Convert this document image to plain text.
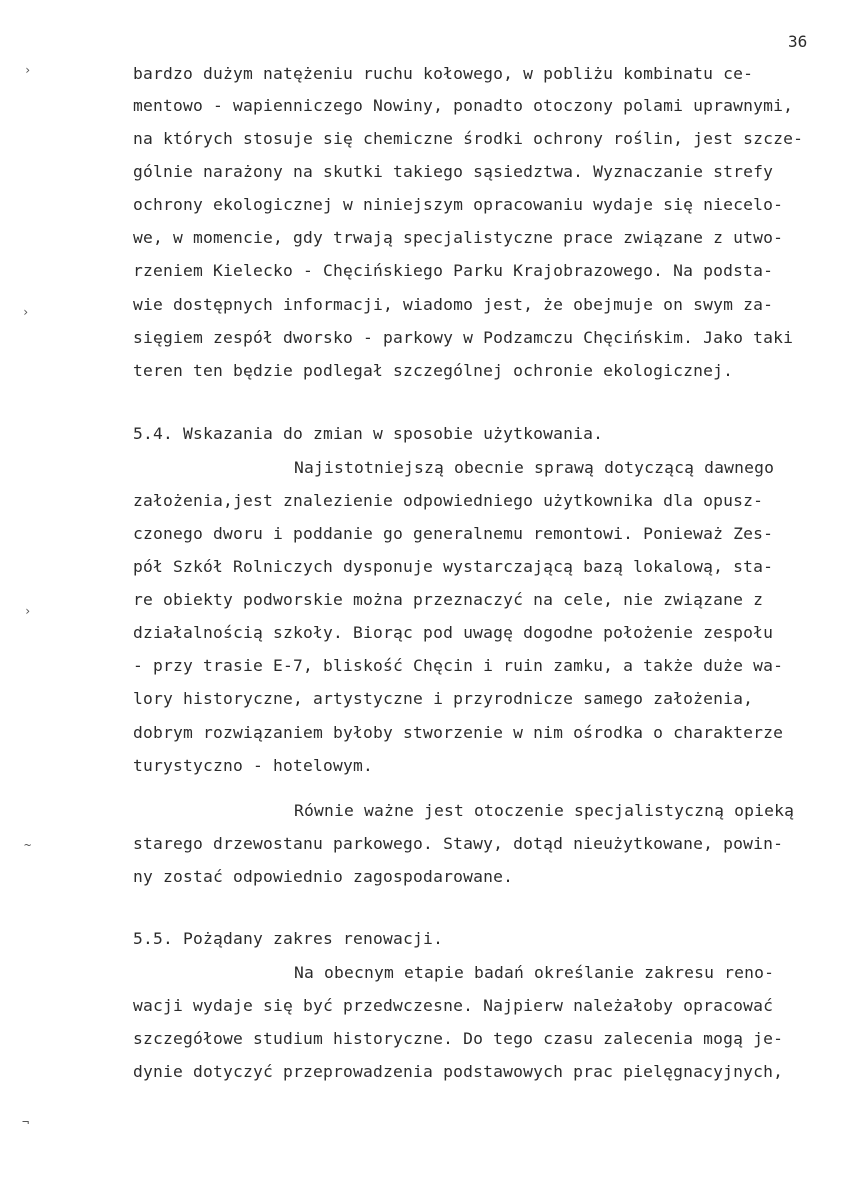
36
bardzo dużym natężeniu ruchu kołowego, w pobliżu kombinatu ce-
mentowo - wapienniczego Nowiny, ponadto otoczony polami uprawnymi,
na których stosuje się chemiczne środki ochrony roślin, jest szcze-
gólnie narażony na skutki takiego sąsiedztwa. Wyznaczanie strefy
ochrony ekologicznej w niniejszym opracowaniu wydaje się niecelo-
we, w momencie, gdy trwają specjalistyczne prace związane z utwo-
rzeniem Kielecko - Chęcińskiego Parku Krajobrazowego. Na podsta-
wie dostępnych informacji, wiadomo jest, że obejmuje on swym za-
sięgiem zespół dworsko - parkowy w Podzamczu Chęcińskim. Jako taki
teren ten będzie podlegał szczególnej ochronie ekologicznej.
5.4. Wskazania do zmian w sposobie użytkowania.
Najistotniejszą obecnie sprawą dotyczącą dawnego
założenia,jest znalezienie odpowiedniego użytkownika dla opusz-
czonego dworu i poddanie go generalnemu remontowi. Ponieważ Zes-
pół Szkół Rolniczych dysponuje wystarczającą bazą lokalową, sta-
re obiekty podworskie można przeznaczyć na cele, nie związane z
działalnością szkoły. Biorąc pod uwagę dogodne położenie zespołu
- przy trasie E-7, bliskość Chęcin i ruin zamku, a także duże wa-
lory historyczne, artystyczne i przyrodnicze samego założenia,
dobrym rozwiązaniem byłoby stworzenie w nim ośrodka o charakterze
turystyczno - hotelowym.
Równie ważne jest otoczenie specjalistyczną opieką
starego drzewostanu parkowego. Stawy, dotąd nieużytkowane, powin-
ny zostać odpowiednio zagospodarowane.
5.5. Pożądany zakres renowacji.
Na obecnym etapie badań określanie zakresu reno-
wacji wydaje się być przedwczesne. Najpierw należałoby opracować
szczegółowe studium historyczne. Do tego czasu zalecenia mogą je-
dynie dotyczyć przeprowadzenia podstawowych prac pielęgnacyjnych,
›
›
›
~
¬
